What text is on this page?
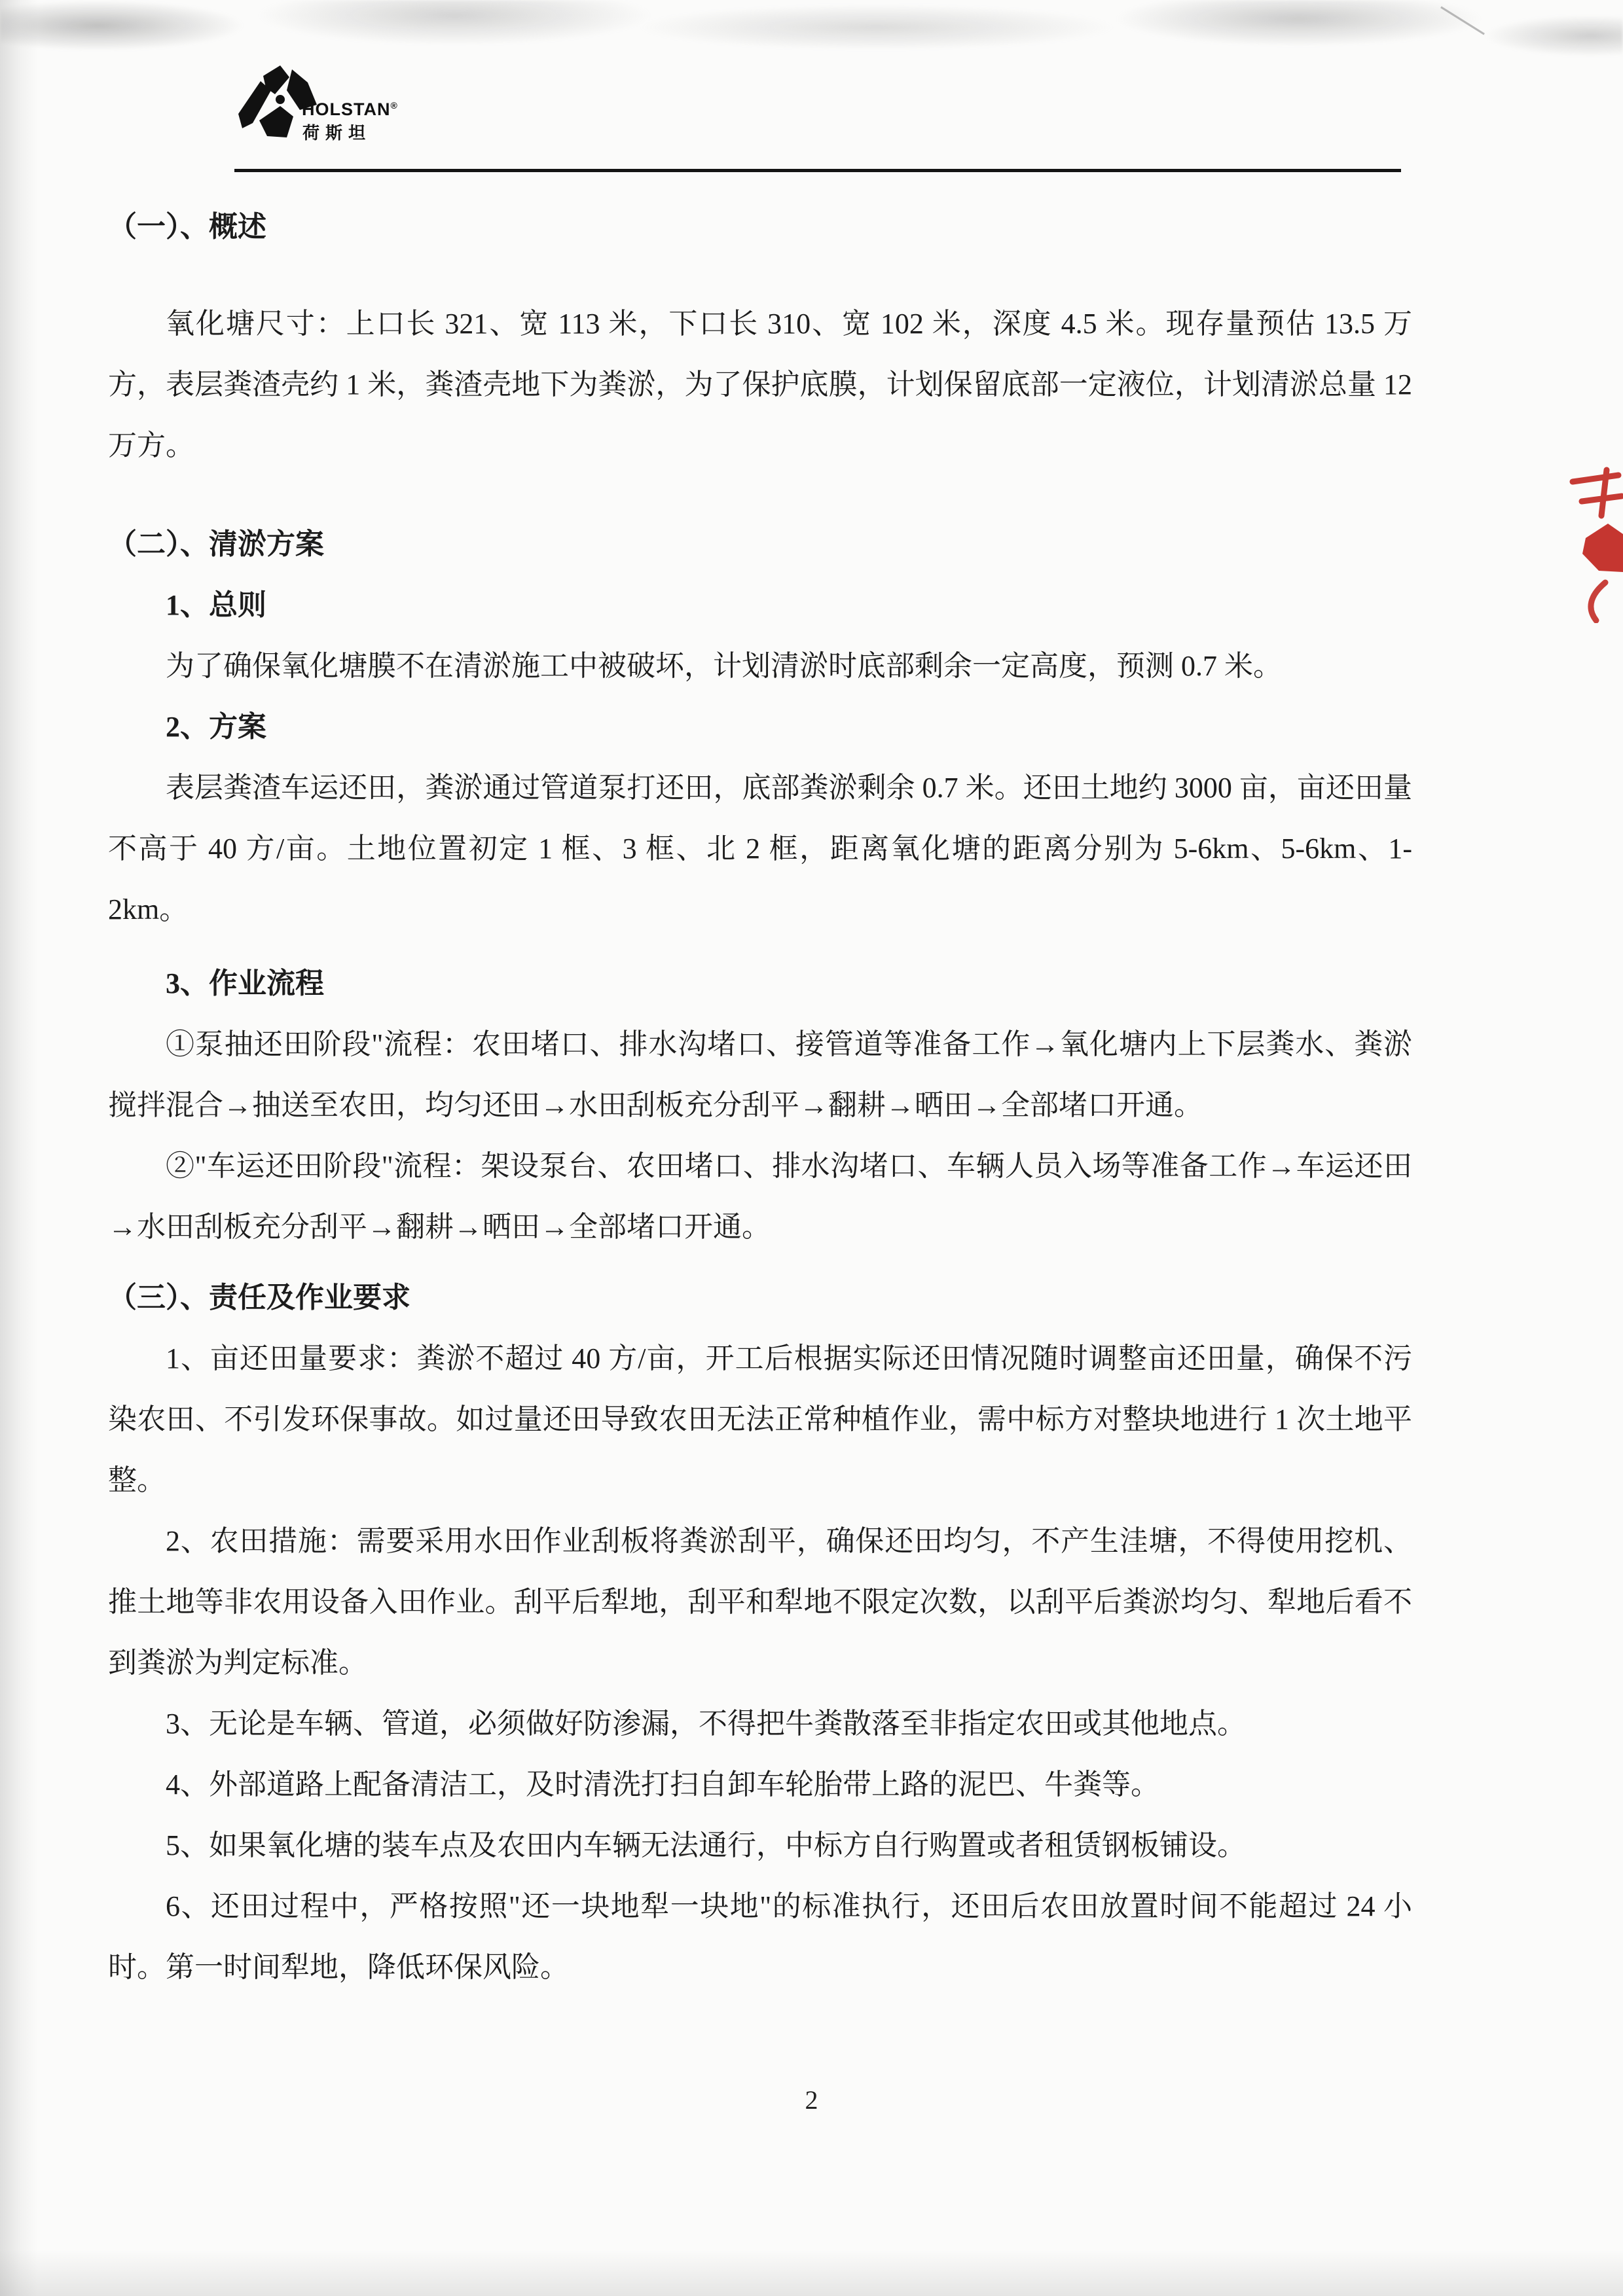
HOLSTAN®
荷斯坦
（一）、概述

氧化塘尺寸：上口长 321、宽 113 米，下口长 310、宽 102 米，深度 4.5 米。现存量预估 13.5 万方，表层粪渣壳约 1 米，粪渣壳地下为粪淤，为了保护底膜，计划保留底部一定液位，计划清淤总量 12 万方。

（二）、清淤方案
1、总则

为了确保氧化塘膜不在清淤施工中被破坏，计划清淤时底部剩余一定高度，预测 0.7 米。

2、方案

表层粪渣车运还田，粪淤通过管道泵打还田，底部粪淤剩余 0.7 米。还田土地约 3000 亩，亩还田量不高于 40 方/亩。土地位置初定 1 框、3 框、北 2 框，距离氧化塘的距离分别为 5-6km、5-6km、1-2km。

3、作业流程

①泵抽还田阶段"流程：农田堵口、排水沟堵口、接管道等准备工作→氧化塘内上下层粪水、粪淤搅拌混合→抽送至农田，均匀还田→水田刮板充分刮平→翻耕→晒田→全部堵口开通。

②"车运还田阶段"流程：架设泵台、农田堵口、排水沟堵口、车辆人员入场等准备工作→车运还田→水田刮板充分刮平→翻耕→晒田→全部堵口开通。

（三）、责任及作业要求

1、亩还田量要求：粪淤不超过 40 方/亩，开工后根据实际还田情况随时调整亩还田量，确保不污染农田、不引发环保事故。如过量还田导致农田无法正常种植作业，需中标方对整块地进行 1 次土地平整。

2、农田措施：需要采用水田作业刮板将粪淤刮平，确保还田均匀，不产生洼塘，不得使用挖机、推土地等非农用设备入田作业。刮平后犁地，刮平和犁地不限定次数，以刮平后粪淤均匀、犁地后看不到粪淤为判定标准。

3、无论是车辆、管道，必须做好防渗漏，不得把牛粪散落至非指定农田或其他地点。

4、外部道路上配备清洁工，及时清洗打扫自卸车轮胎带上路的泥巴、牛粪等。

5、如果氧化塘的装车点及农田内车辆无法通行，中标方自行购置或者租赁钢板铺设。

6、还田过程中，严格按照"还一块地犁一块地"的标准执行，还田后农田放置时间不能超过 24 小时。第一时间犁地，降低环保风险。

2
